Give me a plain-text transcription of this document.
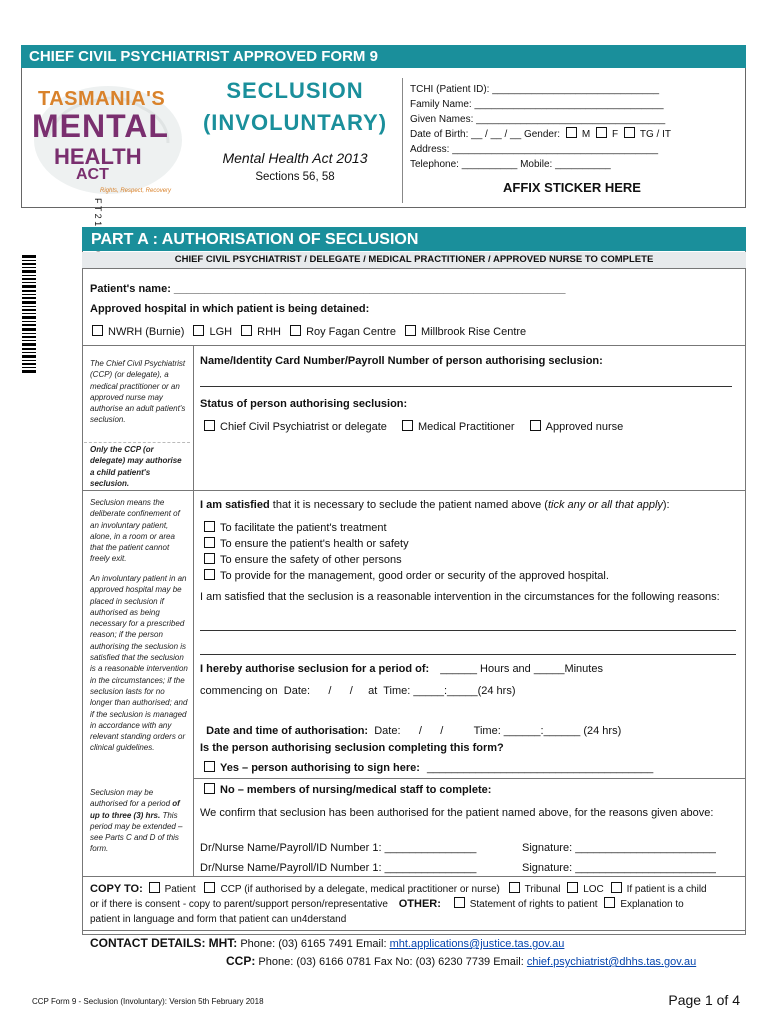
CHIEF CIVIL PSYCHIATRIST APPROVED FORM 9
TASMANIA'S
MENTAL
HEALTH
ACT
Rights, Respect, Recovery
SECLUSION
(INVOLUNTARY)
Mental Health Act 2013
Sections 56, 58
TCHI (Patient ID): ______________________________
Family Name: __________________________________
Given Names: __________________________________
Date of Birth: __ / __ / __ Gender: M F TG / IT
Address: _____________________________________
Telephone: __________ Mobile: __________
AFFIX STICKER HERE
PART A : AUTHORISATION OF SECLUSION
CHIEF CIVIL PSYCHIATRIST / DELEGATE / MEDICAL PRACTITIONER / APPROVED NURSE TO COMPLETE
Patient's name: ________________________________________________________________
Approved hospital in which patient is being detained:
NWRH (Burnie) LGH RHH Roy Fagan Centre Millbrook Rise Centre
The Chief Civil Psychiatrist (CCP) (or delegate), a medical practitioner or an approved nurse may authorise an adult patient's seclusion.
Only the CCP (or delegate) may authorise a child patient's seclusion.
Seclusion means the deliberate confinement of an involuntary patient, alone, in a room or area that the patient cannot freely exit.
An involuntary patient in an approved hospital may be placed in seclusion if authorised as being necessary for a prescribed reason; if the person authorising the seclusion is satisfied that the seclusion is a reasonable intervention in the circumstances; if the seclusion lasts for no longer than authorised; and if the seclusion is managed in accordance with any relevant standing orders or clinical guidelines.
Seclusion may be authorised for a period of up to three (3) hrs. This period may be extended – see Parts C and D of this form.
Name/Identity Card Number/Payroll Number of person authorising seclusion:
Status of person authorising seclusion:
Chief Civil Psychiatrist or delegate	Medical Practitioner	Approved nurse
I am satisfied that it is necessary to seclude the patient named above (tick any or all that apply):
To facilitate the patient's treatment
To ensure the patient's health or safety
To ensure the safety of other persons
To provide for the management, good order or security of the approved hospital.
I am satisfied that the seclusion is a reasonable intervention in the circumstances for the following reasons:
I hereby authorise seclusion for a period of: ______ Hours and _____Minutes
commencing on  Date:      /      /     at  Time: _____:_____(24 hrs)

Date and time of authorisation: Date:      /      /          Time: ______:______ (24 hrs)

Is the person authorising seclusion completing this form?
Yes – person authorising to sign here: _____________________________________
No – members of nursing/medical staff to complete:
We confirm that seclusion has been authorised for the patient named above, for the reasons given above:
Dr/Nurse Name/Payroll/ID Number 1: _______________	Signature: _______________________
Dr/Nurse Name/Payroll/ID Number 1: _______________	Signature: _______________________
COPY TO: Patient CCP (if authorised by a delegate, medical practitioner or nurse) Tribunal LOC If patient is a child
or if there is consent - copy to parent/support person/representative OTHER:	Statement of rights to patient Explanation to
patient in language and form that patient can un4derstand
CONTACT DETAILS: MHT: Phone: (03) 6165 7491 Email: mht.applications@justice.tas.gov.au
CCP: Phone: (03) 6166 0781 Fax No: (03) 6230 7739 Email: chief.psychiatrist@dhhs.tas.gov.au
CCP Form 9 - Seclusion (Involuntary): Version 5th February 2018	Page 1 of 4
